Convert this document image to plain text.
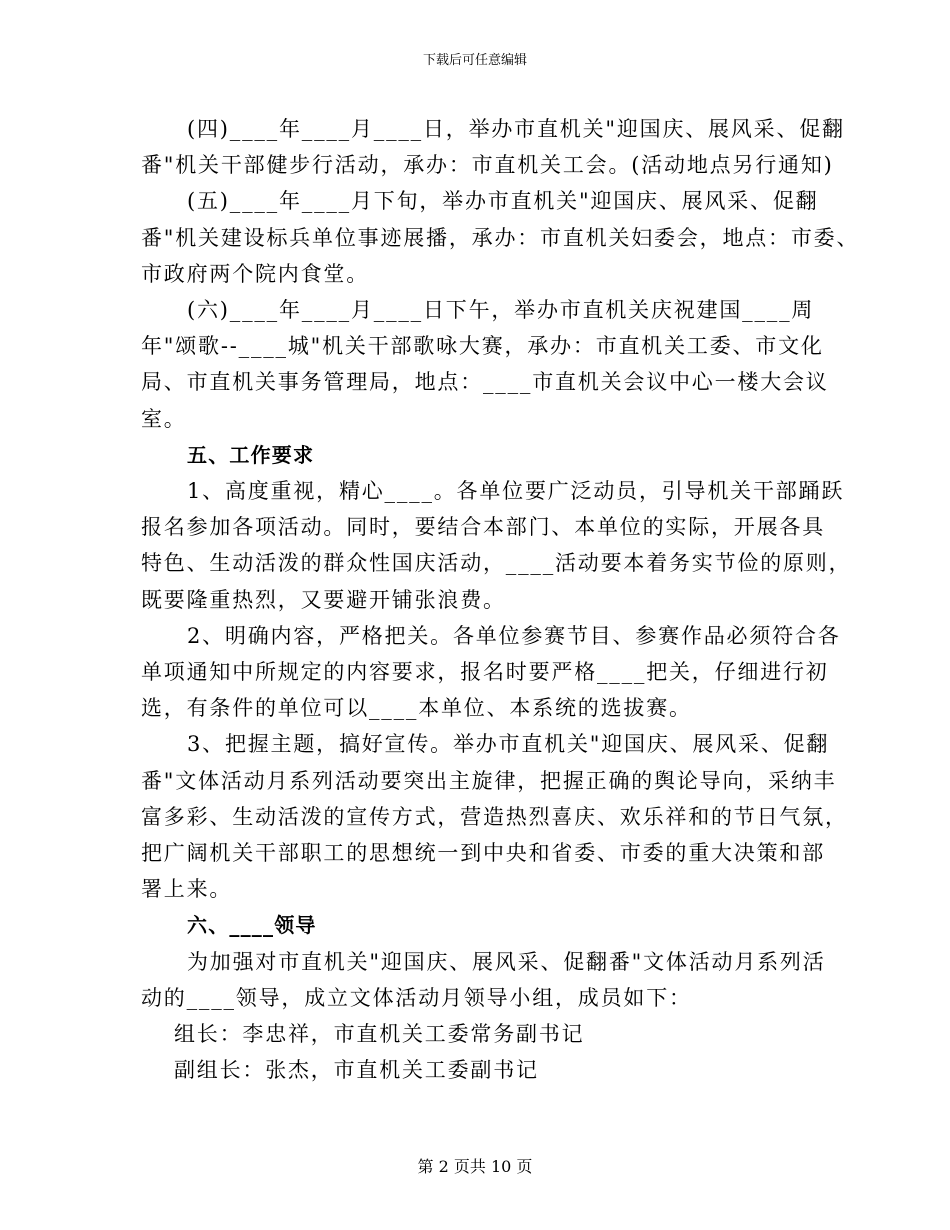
下载后可任意编辑

(四)____年____月____日，举办市直机关"迎国庆、展风采、促翻
番"机关干部健步行活动，承办：市直机关工会。(活动地点另行通知)

(五)____年____月下旬，举办市直机关"迎国庆、展风采、促翻
番"机关建设标兵单位事迹展播，承办：市直机关妇委会，地点：市委、
市政府两个院内食堂。

(六)____年____月____日下午，举办市直机关庆祝建国____周
年"颂歌--____城"机关干部歌咏大赛，承办：市直机关工委、市文化
局、市直机关事务管理局，地点：____市直机关会议中心一楼大会议
室。

五、工作要求

1、高度重视，精心____。各单位要广泛动员，引导机关干部踊跃
报名参加各项活动。同时，要结合本部门、本单位的实际，开展各具
特色、生动活泼的群众性国庆活动，____活动要本着务实节俭的原则，
既要隆重热烈，又要避开铺张浪费。

2、明确内容，严格把关。各单位参赛节目、参赛作品必须符合各
单项通知中所规定的内容要求，报名时要严格____把关，仔细进行初
选，有条件的单位可以____本单位、本系统的选拔赛。

3、把握主题，搞好宣传。举办市直机关"迎国庆、展风采、促翻
番"文体活动月系列活动要突出主旋律，把握正确的舆论导向，采纳丰
富多彩、生动活泼的宣传方式，营造热烈喜庆、欢乐祥和的节日气氛，
把广阔机关干部职工的思想统一到中央和省委、市委的重大决策和部
署上来。

六、____领导

为加强对市直机关"迎国庆、展风采、促翻番"文体活动月系列活
动的____领导，成立文体活动月领导小组，成员如下：

组长：李忠祥，市直机关工委常务副书记

副组长：张杰，市直机关工委副书记

第 2 页共 10 页
